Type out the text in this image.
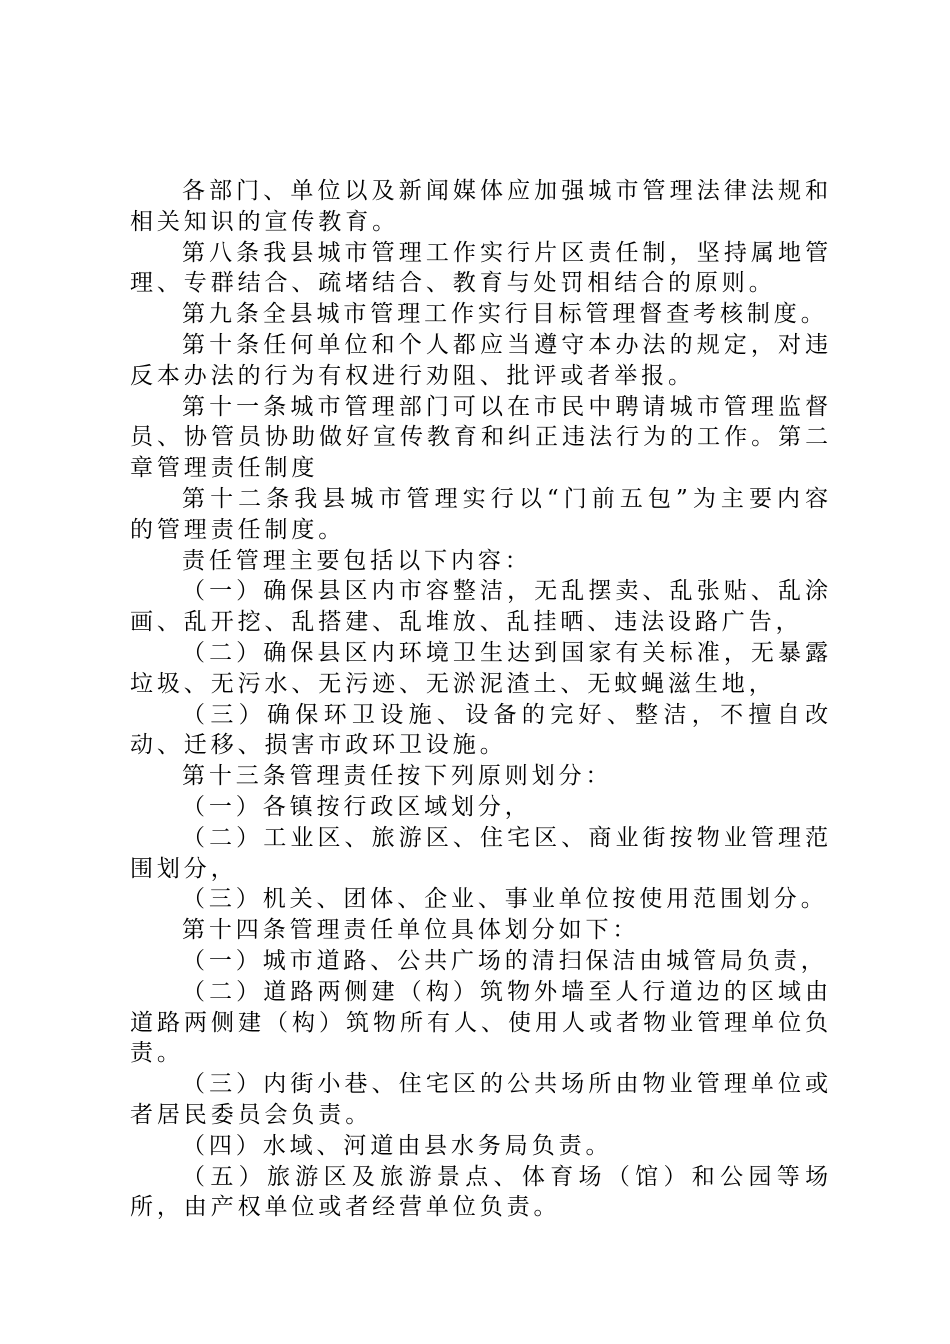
各部门、单位以及新闻媒体应加强城市管理法律法规和相关知识的宣传教育。

第八条我县城市管理工作实行片区责任制，坚持属地管理、专群结合、疏堵结合、教育与处罚相结合的原则。

第九条全县城市管理工作实行目标管理督查考核制度。

第十条任何单位和个人都应当遵守本办法的规定，对违反本办法的行为有权进行劝阻、批评或者举报。

第十一条城市管理部门可以在市民中聘请城市管理监督员、协管员协助做好宣传教育和纠正违法行为的工作。第二章管理责任制度

第十二条我县城市管理实行以“门前五包”为主要内容的管理责任制度。

责任管理主要包括以下内容：

（一）确保县区内市容整洁，无乱摆卖、乱张贴、乱涂画、乱开挖、乱搭建、乱堆放、乱挂晒、违法设路广告，

（二）确保县区内环境卫生达到国家有关标准，无暴露垃圾、无污水、无污迹、无淤泥渣土、无蚊蝇滋生地，

（三）确保环卫设施、设备的完好、整洁，不擅自改动、迁移、损害市政环卫设施。

第十三条管理责任按下列原则划分：

（一）各镇按行政区域划分，

（二）工业区、旅游区、住宅区、商业街按物业管理范围划分，

（三）机关、团体、企业、事业单位按使用范围划分。

第十四条管理责任单位具体划分如下：

（一）城市道路、公共广场的清扫保洁由城管局负责，

（二）道路两侧建（构）筑物外墙至人行道边的区域由道路两侧建（构）筑物所有人、使用人或者物业管理单位负责。

（三）内街小巷、住宅区的公共场所由物业管理单位或者居民委员会负责。

（四）水域、河道由县水务局负责。

（五）旅游区及旅游景点、体育场（馆）和公园等场所，由产权单位或者经营单位负责。
